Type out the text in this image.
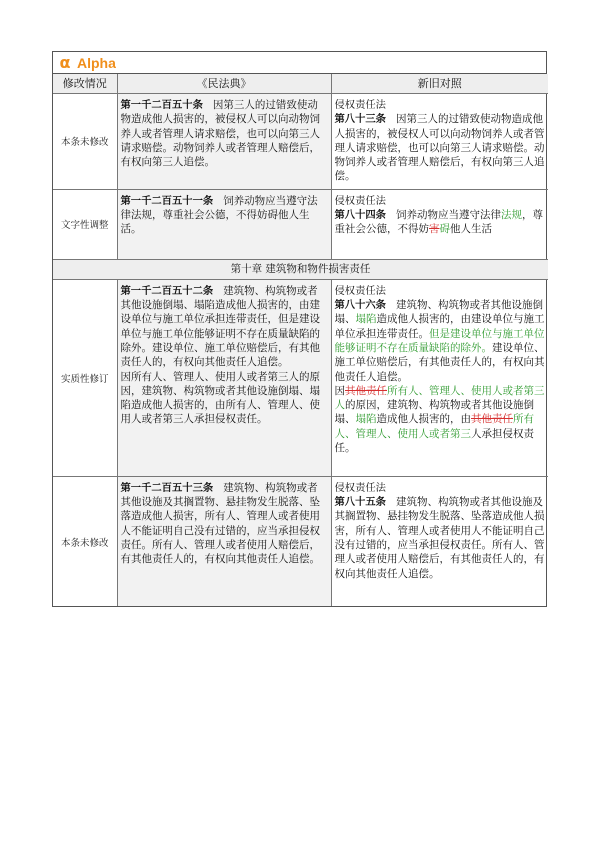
α Alpha
修改情况	《民法典》	新旧对照
本条未修改	第一千二百五十条 因第三人的过错致使动物造成他人损害的，被侵权人可以向动物饲养人或者管理人请求赔偿，也可以向第三人请求赔偿。动物饲养人或者管理人赔偿后，有权向第三人追偿。	侵权责任法
第八十三条 因第三人的过错致使动物造成他人损害的，被侵权人可以向动物饲养人或者管理人请求赔偿，也可以向第三人请求赔偿。动物饲养人或者管理人赔偿后，有权向第三人追偿。

文字性调整	第一千二百五十一条 饲养动物应当遵守法律法规，尊重社会公德，不得妨碍他人生活。	侵权责任法
第八十四条 饲养动物应当遵守法律法规，尊重社会公德，不得妨害碍他人生活

第十章 建筑物和物件损害责任		
实质性修订	第一千二百五十二条 建筑物、构筑物或者其他设施倒塌、塌陷造成他人损害的，由建设单位与施工单位承担连带责任，但是建设单位与施工单位能够证明不存在质量缺陷的除外。建设单位、施工单位赔偿后，有其他责任人的，有权向其他责任人追偿。
因所有人、管理人、使用人或者第三人的原因，建筑物、构筑物或者其他设施倒塌、塌陷造成他人损害的，由所有人、管理人、使用人或者第三人承担侵权责任。	侵权责任法
第八十六条 建筑物、构筑物或者其他设施倒塌、塌陷造成他人损害的，由建设单位与施工单位承担连带责任。但是建设单位与施工单位能够证明不存在质量缺陷的除外。建设单位、施工单位赔偿后，有其他责任人的，有权向其他责任人追偿。
因其他责任所有人、管理人、使用人或者第三人的原因，建筑物、构筑物或者其他设施倒塌、塌陷造成他人损害的，由其他责任所有人、管理人、使用人或者第三人承担侵权责任。

本条未修改	第一千二百五十三条 建筑物、构筑物或者其他设施及其搁置物、悬挂物发生脱落、坠落造成他人损害，所有人、管理人或者使用人不能证明自己没有过错的，应当承担侵权责任。所有人、管理人或者使用人赔偿后，有其他责任人的，有权向其他责任人追偿。	侵权责任法
第八十五条 建筑物、构筑物或者其他设施及其搁置物、悬挂物发生脱落、坠落造成他人损害，所有人、管理人或者使用人不能证明自己没有过错的，应当承担侵权责任。所有人、管理人或者使用人赔偿后，有其他责任人的，有权向其他责任人追偿。
